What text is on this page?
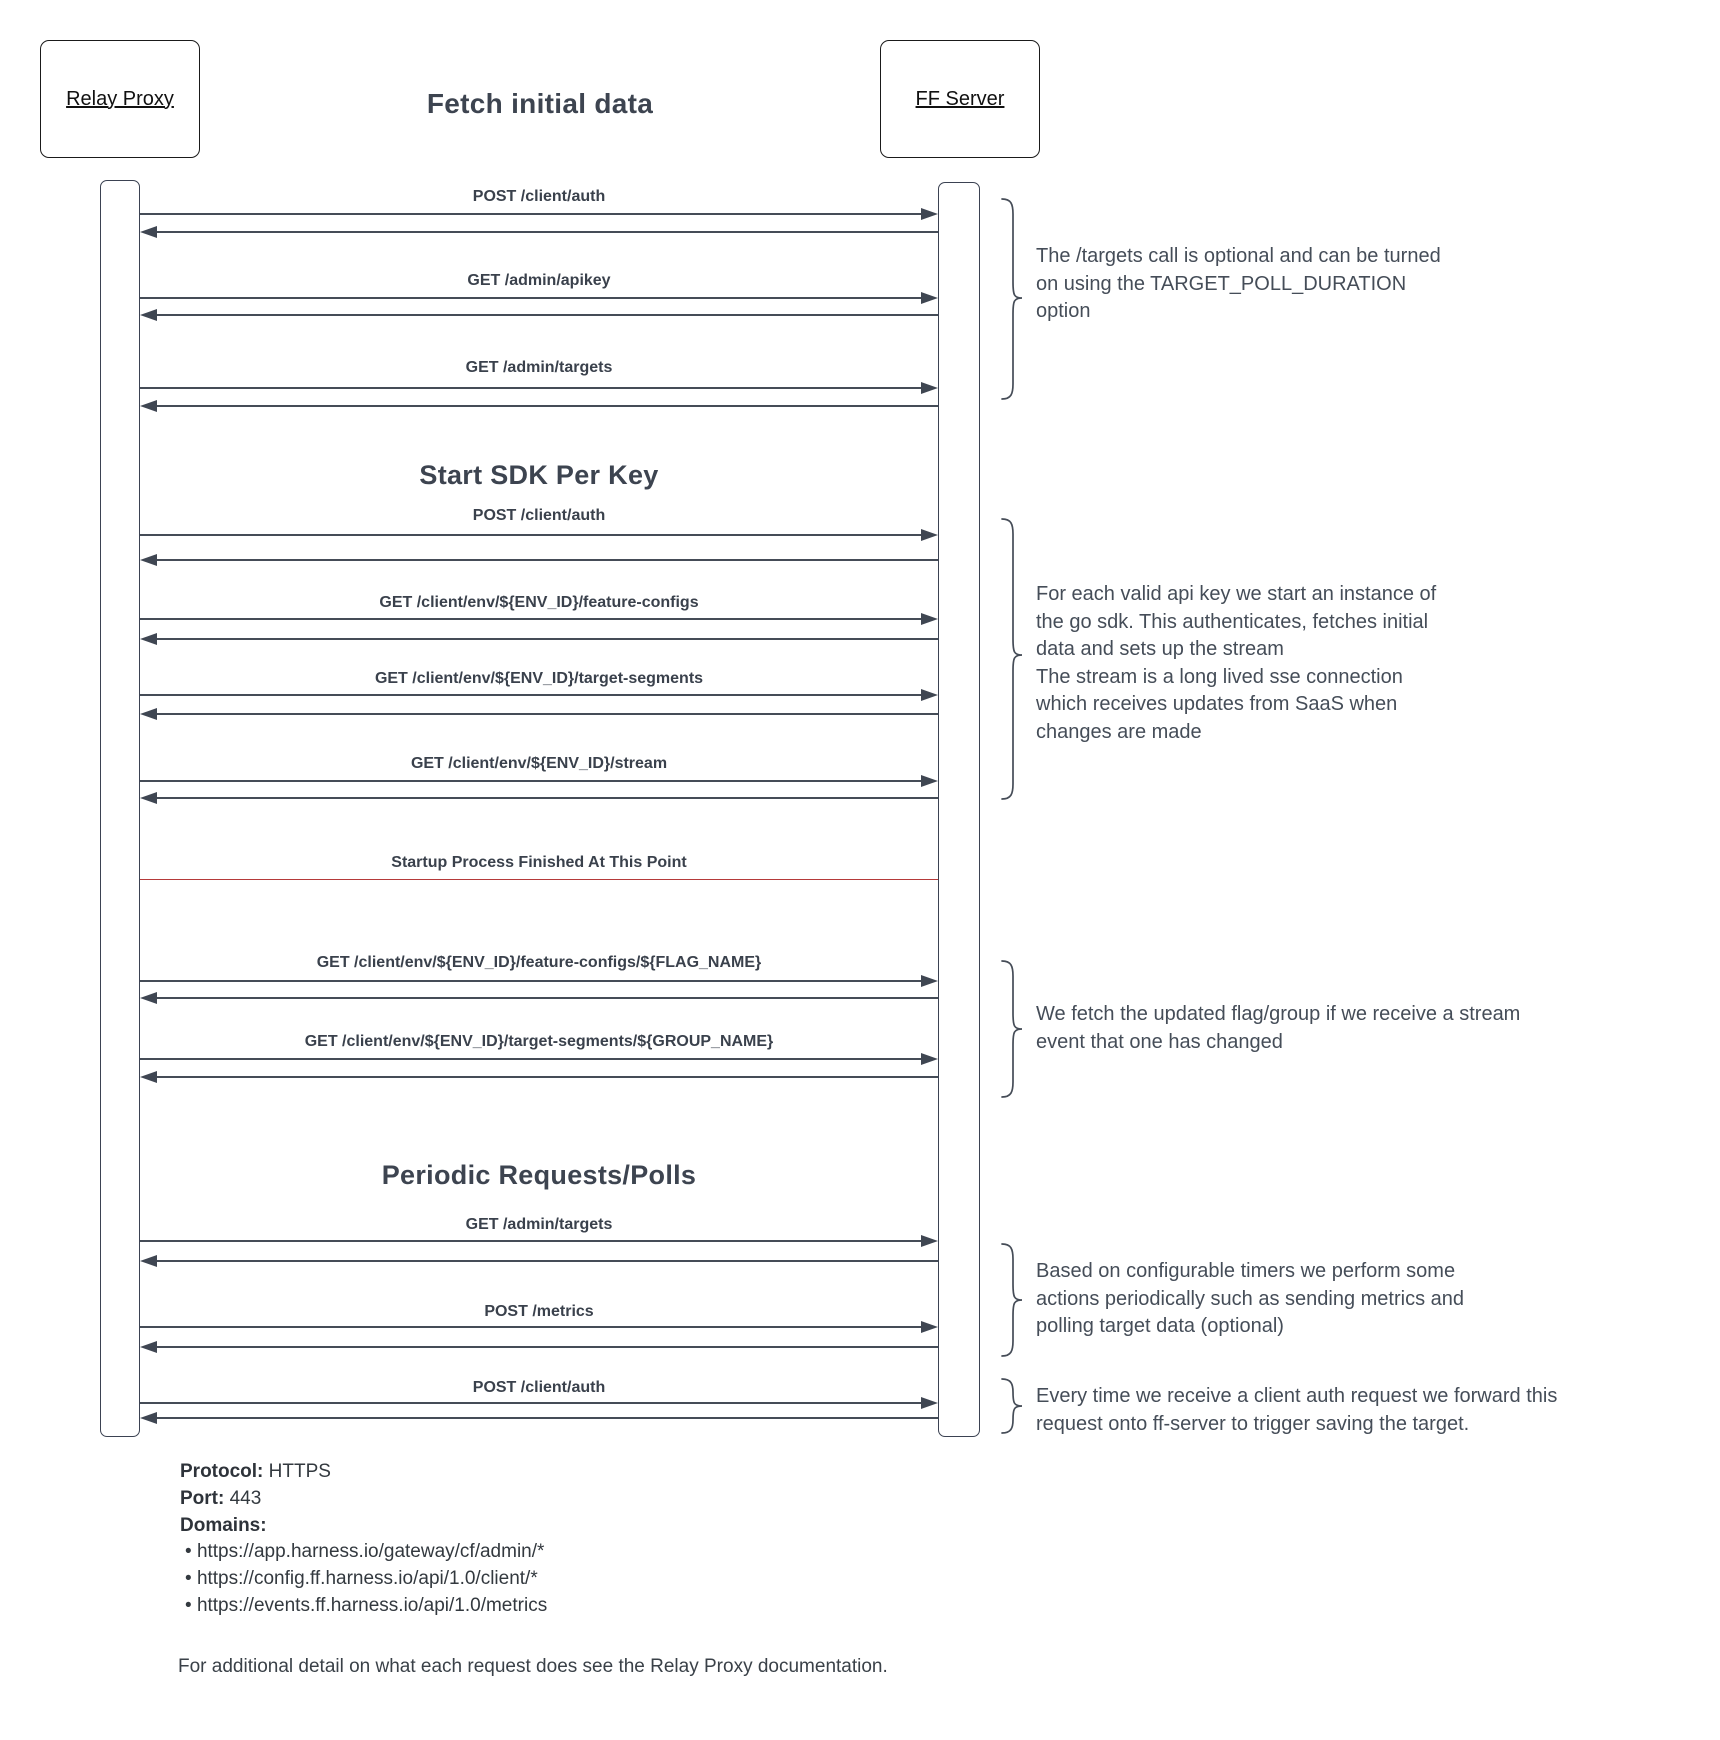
Relay Proxy	FF Server
Fetch initial data
POST /client/auth
GET /admin/apikey
GET /admin/targets
POST /client/auth
GET /client/env/${ENV_ID}/feature-configs
GET /client/env/${ENV_ID}/target-segments
GET /client/env/${ENV_ID}/stream
GET /client/env/${ENV_ID}/feature-configs/${FLAG_NAME}
GET /client/env/${ENV_ID}/target-segments/${GROUP_NAME}
GET /admin/targets
POST /metrics
POST /client/auth
Start SDK Per Key
Periodic Requests/Polls
Startup Process Finished At This Point
The /targets call is optional and can be turned
on using the TARGET_POLL_DURATION
option
For each valid api key we start an instance of
the go sdk. This authenticates, fetches initial
data and sets up the stream
The stream is a long lived sse connection
which receives updates from SaaS when
changes are made
We fetch the updated flag/group if we receive a stream
event that one has changed
Based on configurable timers we perform some
actions periodically such as sending metrics and
polling target data (optional)
Every time we receive a client auth request we forward this
request onto ff-server to trigger saving the target.
Protocol: HTTPS
Port: 443
Domains:
• https://app.harness.io/gateway/cf/admin/*
• https://config.ff.harness.io/api/1.0/client/*
• https://events.ff.harness.io/api/1.0/metrics
For additional detail on what each request does see the Relay Proxy documentation.
